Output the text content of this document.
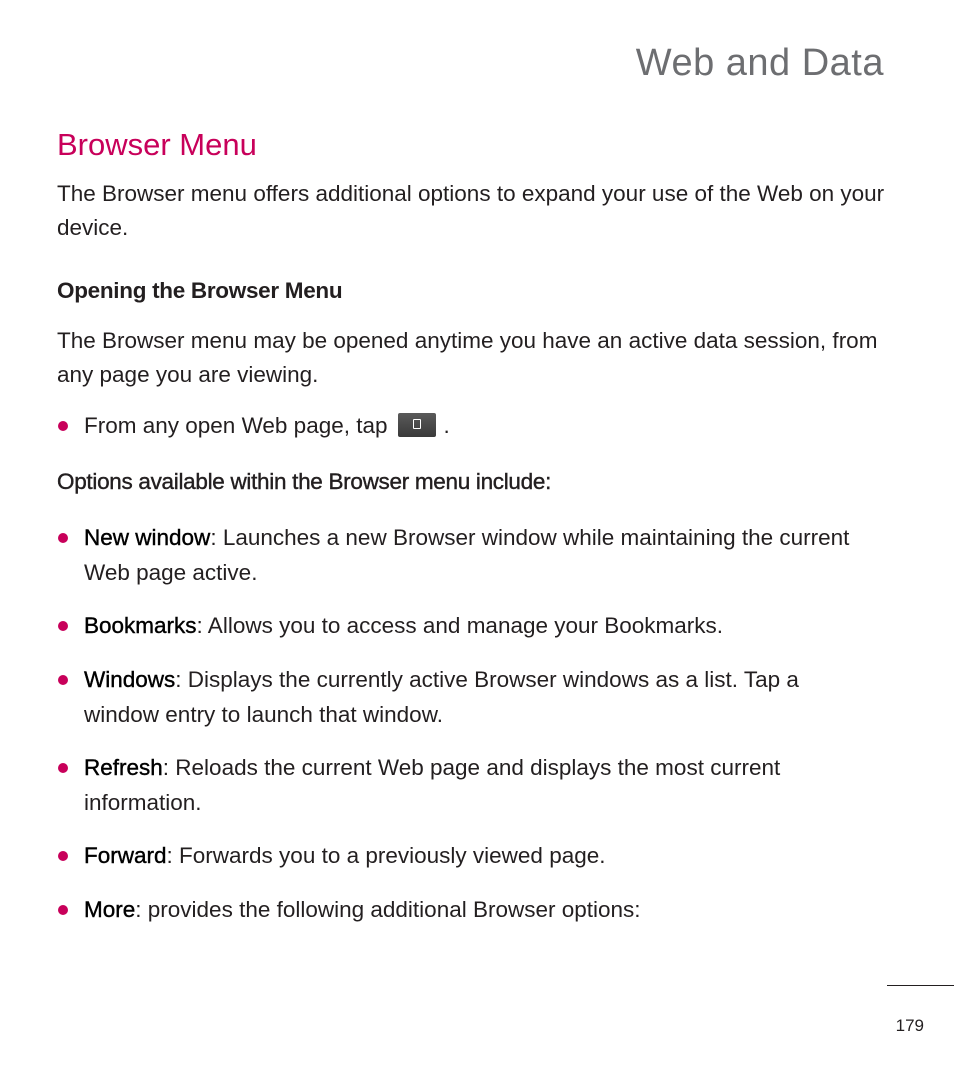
Web and Data
Browser Menu

The Browser menu offers additional options to expand your use of the Web on your device.

Opening the Browser Menu

The Browser menu may be opened anytime you have an active data session, from any page you are viewing.

From any open Web page, tap .
Options available within the Browser menu include:
New window: Launches a new Browser window while maintaining the current Web page active.
Bookmarks: Allows you to access and manage your Bookmarks.
Windows: Displays the currently active Browser windows as a list. Tap a window entry to launch that window.
Refresh: Reloads the current Web page and displays the most current information.
Forward: Forwards you to a previously viewed page.
More: provides the following additional Browser options:

179
